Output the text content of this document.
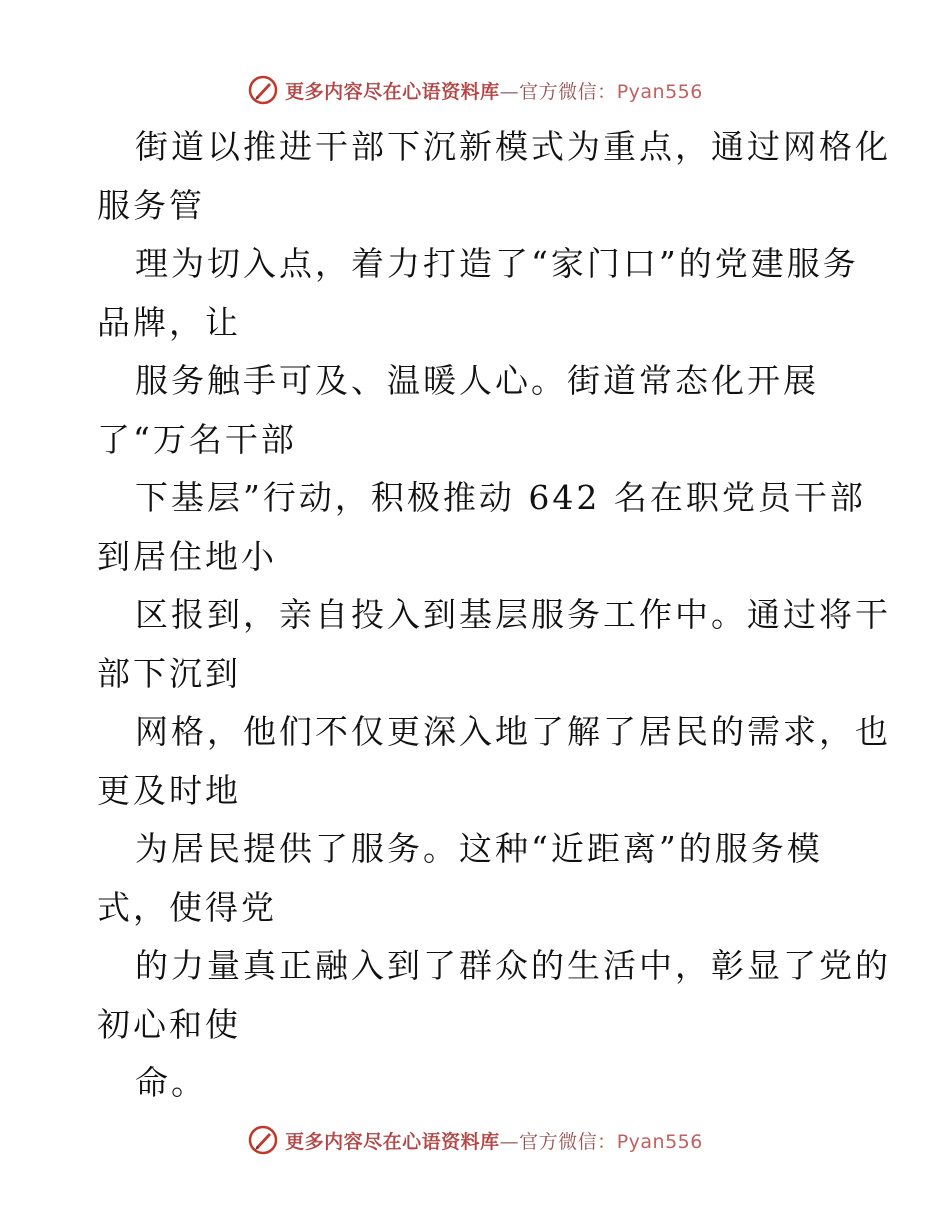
更多内容尽在心语资料库—官方微信：Pyan556
街道以推进干部下沉新模式为重点，通过网格化
服务管
理为切入点，着力打造了“家门口”的党建服务
品牌，让
服务触手可及、温暖人心。街道常态化开展
了“万名干部
下基层”行动，积极推动 642 名在职党员干部
到居住地小
区报到，亲自投入到基层服务工作中。通过将干
部下沉到
网格，他们不仅更深入地了解了居民的需求，也
更及时地
为居民提供了服务。这种“近距离”的服务模
式，使得党
的力量真正融入到了群众的生活中，彰显了党的
初心和使
命。
更多内容尽在心语资料库—官方微信：Pyan556
